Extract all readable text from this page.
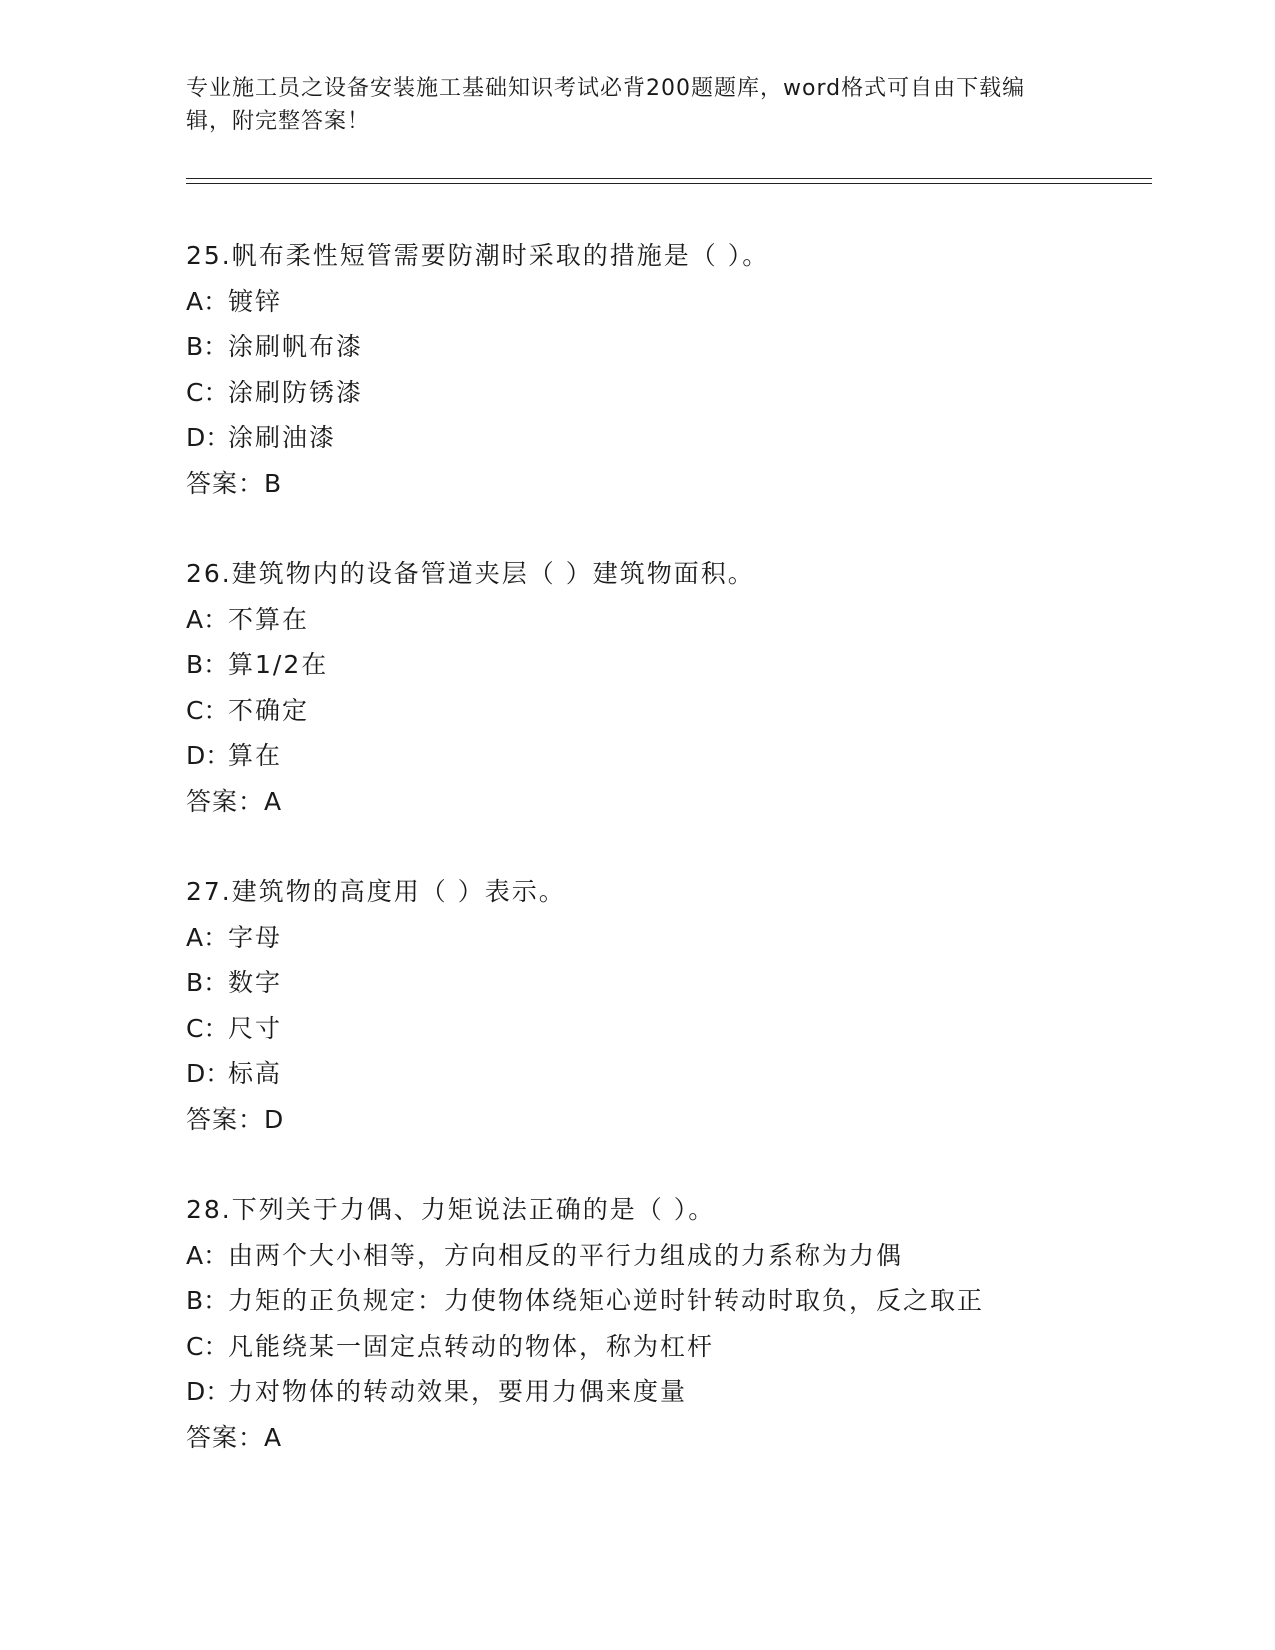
专业施工员之设备安装施工基础知识考试必背200题题库，word格式可自由下载编辑，附完整答案！
25.帆布柔性短管需要防潮时采取的措施是（ ）。
A：镀锌
B：涂刷帆布漆
C：涂刷防锈漆
D：涂刷油漆
答案：B
26.建筑物内的设备管道夹层（ ）建筑物面积。
A：不算在
B：算1/2在
C：不确定
D：算在
答案：A
27.建筑物的高度用（ ）表示。
A：字母
B：数字
C：尺寸
D：标高
答案：D
28.下列关于力偶、力矩说法正确的是（ ）。
A：由两个大小相等，方向相反的平行力组成的力系称为力偶
B：力矩的正负规定：力使物体绕矩心逆时针转动时取负，反之取正
C：凡能绕某一固定点转动的物体，称为杠杆
D：力对物体的转动效果，要用力偶来度量
答案：A
